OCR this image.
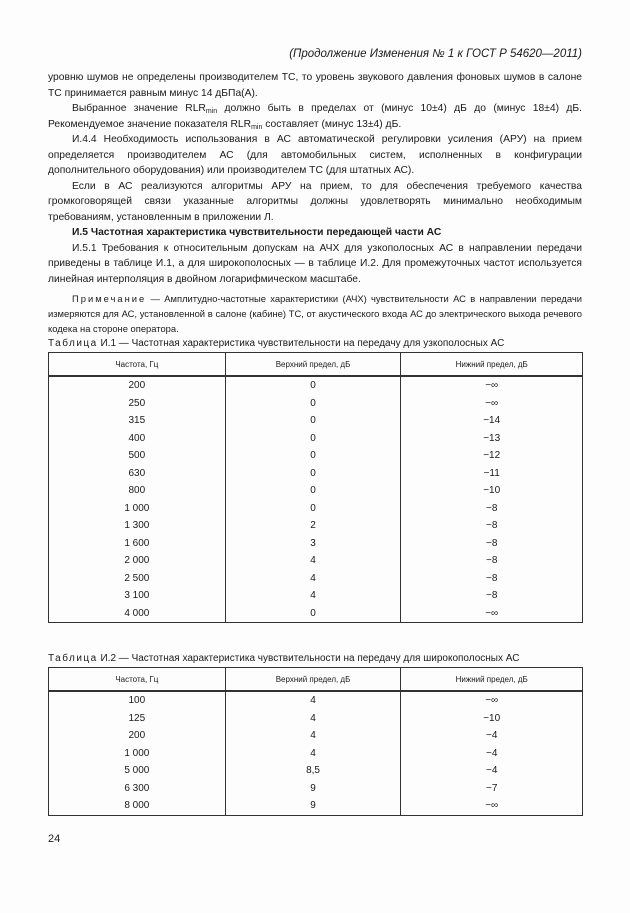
(Продолжение Изменения № 1 к ГОСТ Р 54620—2011)

уровню шумов не определены производителем ТС, то уровень звукового давления фоновых шумов в салоне ТС принимается равным минус 14 дБПа(А).

Выбранное значение $RLR_{min}$ должно быть в пределах от (минус 10±4) дБ до (минус 18±4) дБ. Рекомендуемое значение показателя $RLR_{min}$ составляет (минус 13±4) дБ.

И.4.4 Необходимость использования в АС автоматической регулировки усиления (АРУ) на прием определяется производителем АС (для автомобильных систем, исполненных в конфигурации дополнительного оборудования) или производителем ТС (для штатных АС).

Если в АС реализуются алгоритмы АРУ на прием, то для обеспечения требуемого качества громкоговорящей связи указанные алгоритмы должны удовлетворять минимально необходимым требованиям, установленным в приложении Л.

И.5 Частотная характеристика чувствительности передающей части АС

И.5.1 Требования к относительным допускам на АЧХ для узкополосных АС в направлении передачи приведены в таблице И.1, а для широкополосных — в таблице И.2. Для промежуточных частот используется линейная интерполяция в двойном логарифмическом масштабе.

Примечание — Амплитудно-частотные характеристики (АЧХ) чувствительности АС в направлении передачи измеряются для АС, установленной в салоне (кабине) ТС, от акустического входа АС до электрического выхода речевого кодека на стороне оператора.

Таблица И.1 — Частотная характеристика чувствительности на передачу для узкополосных АС
Частота, Гц	Верхний предел, дБ	Нижний предел, дБ
200	0	−∞
250	0	−∞
315	0	−14
400	0	−13
500	0	−12
630	0	−11
800	0	−10
1 000	0	−8
1 300	2	−8
1 600	3	−8
2 000	4	−8
2 500	4	−8
3 100	4	−8
4 000	0	−∞
Таблица И.2 — Частотная характеристика чувствительности на передачу для широкополосных АС
Частота, Гц	Верхний предел, дБ	Нижний предел, дБ
100	4	−∞
125	4	−10
200	4	−4
1 000	4	−4
5 000	8,5	−4
6 300	9	−7
8 000	9	−∞
24
